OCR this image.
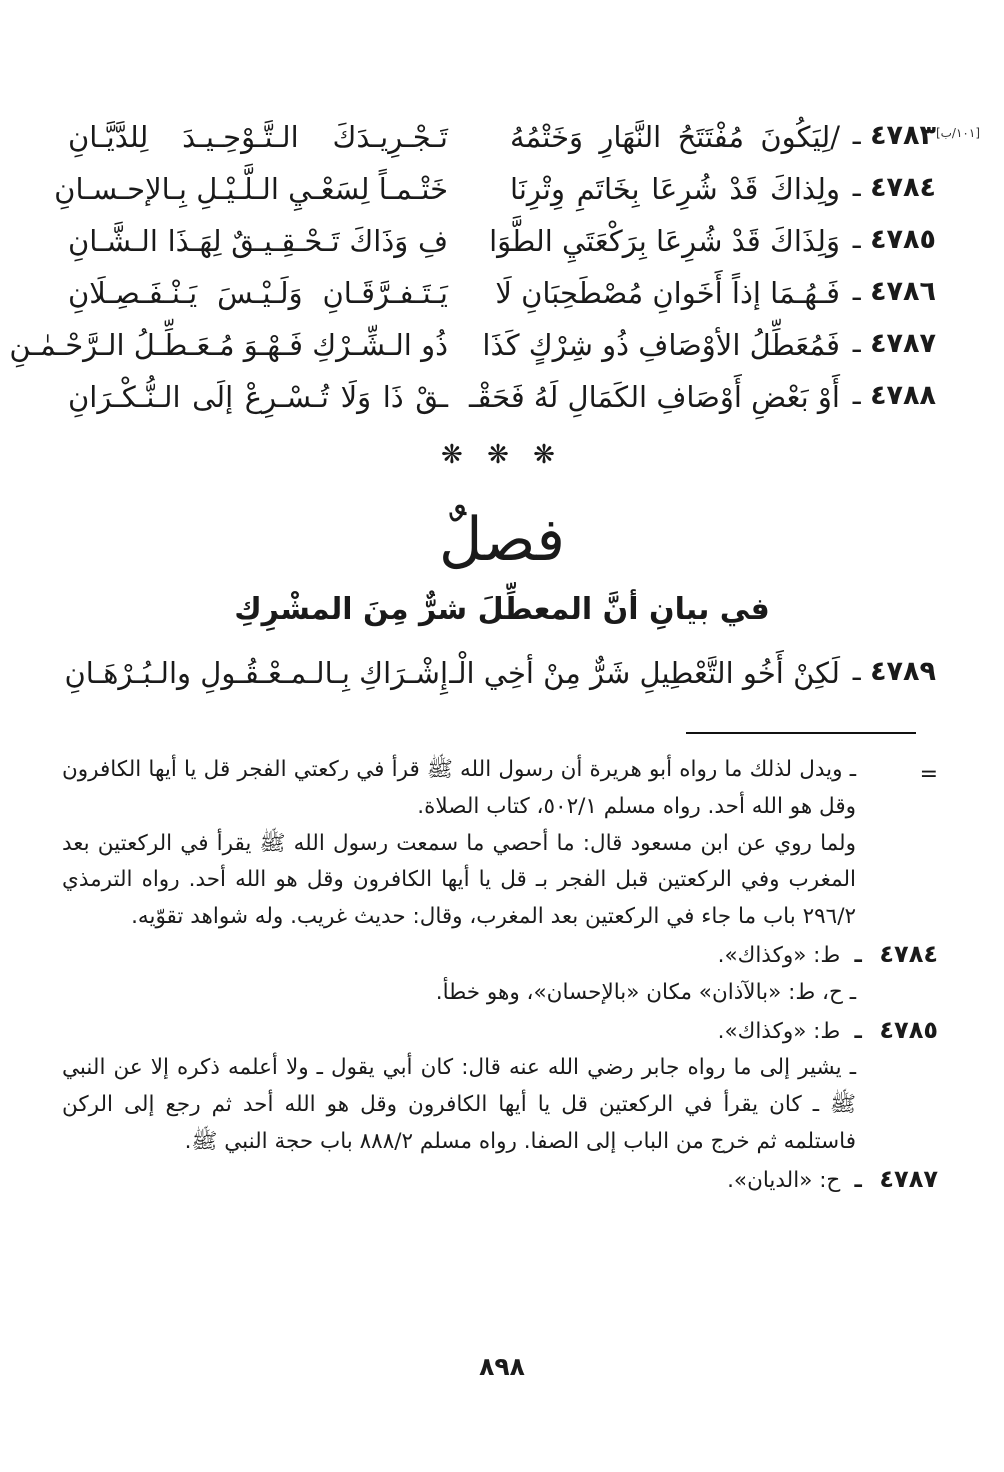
[١٠١/ب]
٤٧٨٣ ـ
/لِيَكُونَ مُفْتَتَحُ النَّهَارِ وَخَتْمُهُ
تَـجْـرِيـدَكَ الـتَّـوْحِـيـدَ لِلدَّيَّـانِ
٤٧٨٤ ـ
ولِذاكَ قَدْ شُرِعَا بِخَاتَمِ وِتْرِنَا
خَتْـمـاً لِسَعْـيِ الـلَّـيْـلِ بِـالإحـسـانِ
٤٧٨٥ ـ
وَلِذَاكَ قَدْ شُرِعَا بِرَكْعَتَيِ الطَّوَا
فِ وَذَاكَ تَـحْـقِـيـقٌ لِهَـذَا الـشَّـانِ
٤٧٨٦ ـ
فَـهُـمَا إذاً أَخَوانِ مُصْطَحِبَانِ لَا
يَـتَـفـرَّقَـانِ وَلَـيْـسَ يَـنْـفَـصِـلَانِ
٤٧٨٧ ـ
فَمُعَطِّلُ الأوْصَافِ ذُو شِرْكٍ كَذَا
ذُو الـشِّـرْكِ فَـهْـوَ مُـعَـطِّـلُ الـرَّحْـمٰـنِ
٤٧٨٨ ـ
أَوْ بَعْضِ أَوْصَافِ الكَمَالِ لَهُ فَحَقْـ
ـقْ ذَا وَلَا تُـسْـرِعْ إلَى الـنُّـكْـرَانِ
❋ ❋ ❋
فصلٌ
في بيانِ أنَّ المعطِّلَ شرٌّ مِنَ المشْرِكِ
٤٧٨٩ ـ
لَكِنْ أَخُو التَّعْطِيلِ شَرٌّ مِنْ أخِي الْـ
إِشْـرَاكِ بِـالـمـعْـقُـولِ والـبُـرْهَـانِ
=
ـ ويدل لذلك ما رواه أبو هريرة أن رسول الله ﷺ قرأ في ركعتي الفجر قل يا أيها الكافرون وقل هو الله أحد. رواه مسلم ٥٠٢/١، كتاب الصلاة.
ولما روي عن ابن مسعود قال: ما أحصي ما سمعت رسول الله ﷺ يقرأ في الركعتين بعد المغرب وفي الركعتين قبل الفجر بـ قل يا أيها الكافرون وقل هو الله أحد. رواه الترمذي ٢٩٦/٢ باب ما جاء في الركعتين بعد المغرب، وقال: حديث غريب. وله شواهد تقوّيه.
٤٧٨٤ ـ ط: «وكذاك».
ـ ح، ط: «بالآذان» مكان «بالإحسان»، وهو خطأ.
٤٧٨٥ ـ ط: «وكذاك».
ـ يشير إلى ما رواه جابر رضي الله عنه قال: كان أبي يقول ـ ولا أعلمه ذكره إلا عن النبي ﷺ ـ كان يقرأ في الركعتين قل يا أيها الكافرون وقل هو الله أحد ثم رجع إلى الركن فاستلمه ثم خرج من الباب إلى الصفا. رواه مسلم ٨٨٨/٢ باب حجة النبي ﷺ.
٤٧٨٧ ـ ح: «الديان».
٨٩٨
